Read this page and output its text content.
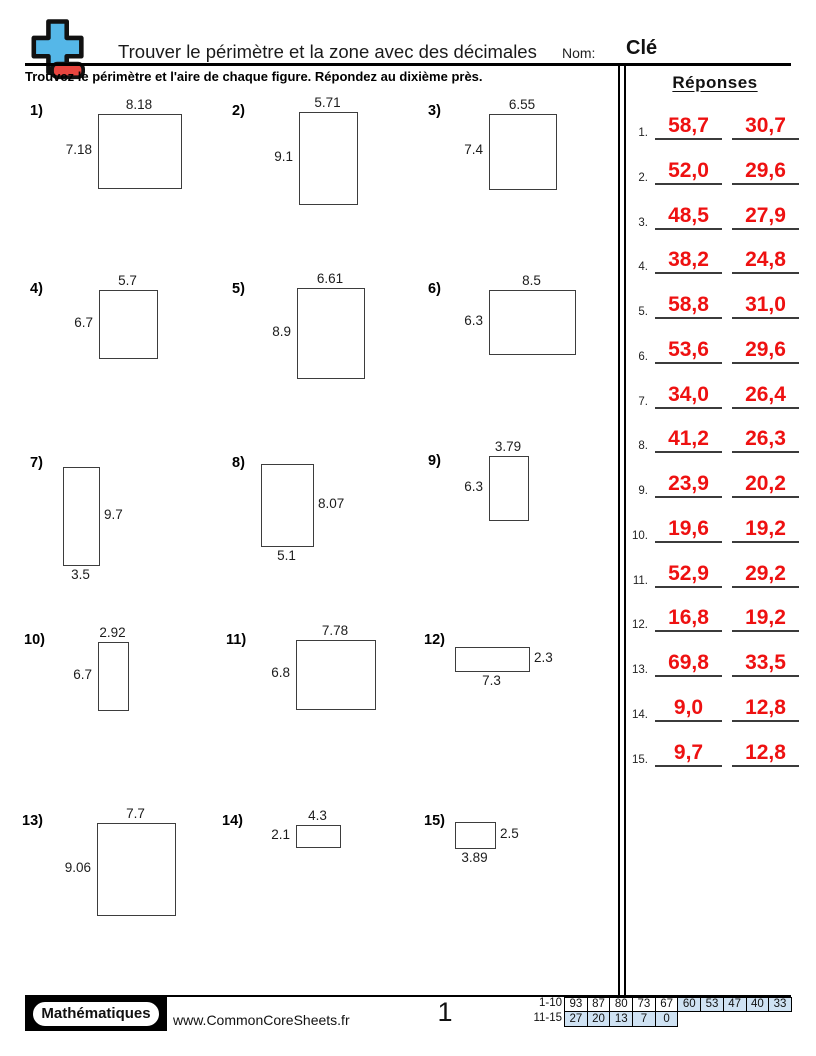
Trouver le périmètre et la zone avec des décimales Nom: Clé
Trouvez le périmètre et l'aire de chaque figure. Répondez au dixième près.	Réponses
1. 58,7	30,7
2. 52,0	29,6
3. 48,5	27,9
4. 38,2	24,8
5. 58,8	31,0
6. 53,6	29,6
7. 34,0	26,4
8. 41,2	26,3
9. 23,9	20,2
10. 19,6	19,2
11. 52,9	29,2
12. 16,8	19,2
13. 69,8	33,5
14.	9,0	12,8
15.	9,7	12,8
1)	8.18
7.18
2)
5.71
9.1
3)	6.55
7.4
4)
5.7
6.7
5)
6.61
8.9
6)
8.5
6.3
7)
3.5
9.7
8)
5.1
8.07
9)
3.79
6.3
10)	2.92
6.7
11)
7.78
6.8
12)
7.3
2.3
13)	7.7
9.06
14)	4.3
2.1
15)
3.89
2.5
Mathématiques	www.CommonCoreSheets.fr	1	1-10 93 87 80 73 67 60 53 47 40 33
11-15 27 20 13	7	0
